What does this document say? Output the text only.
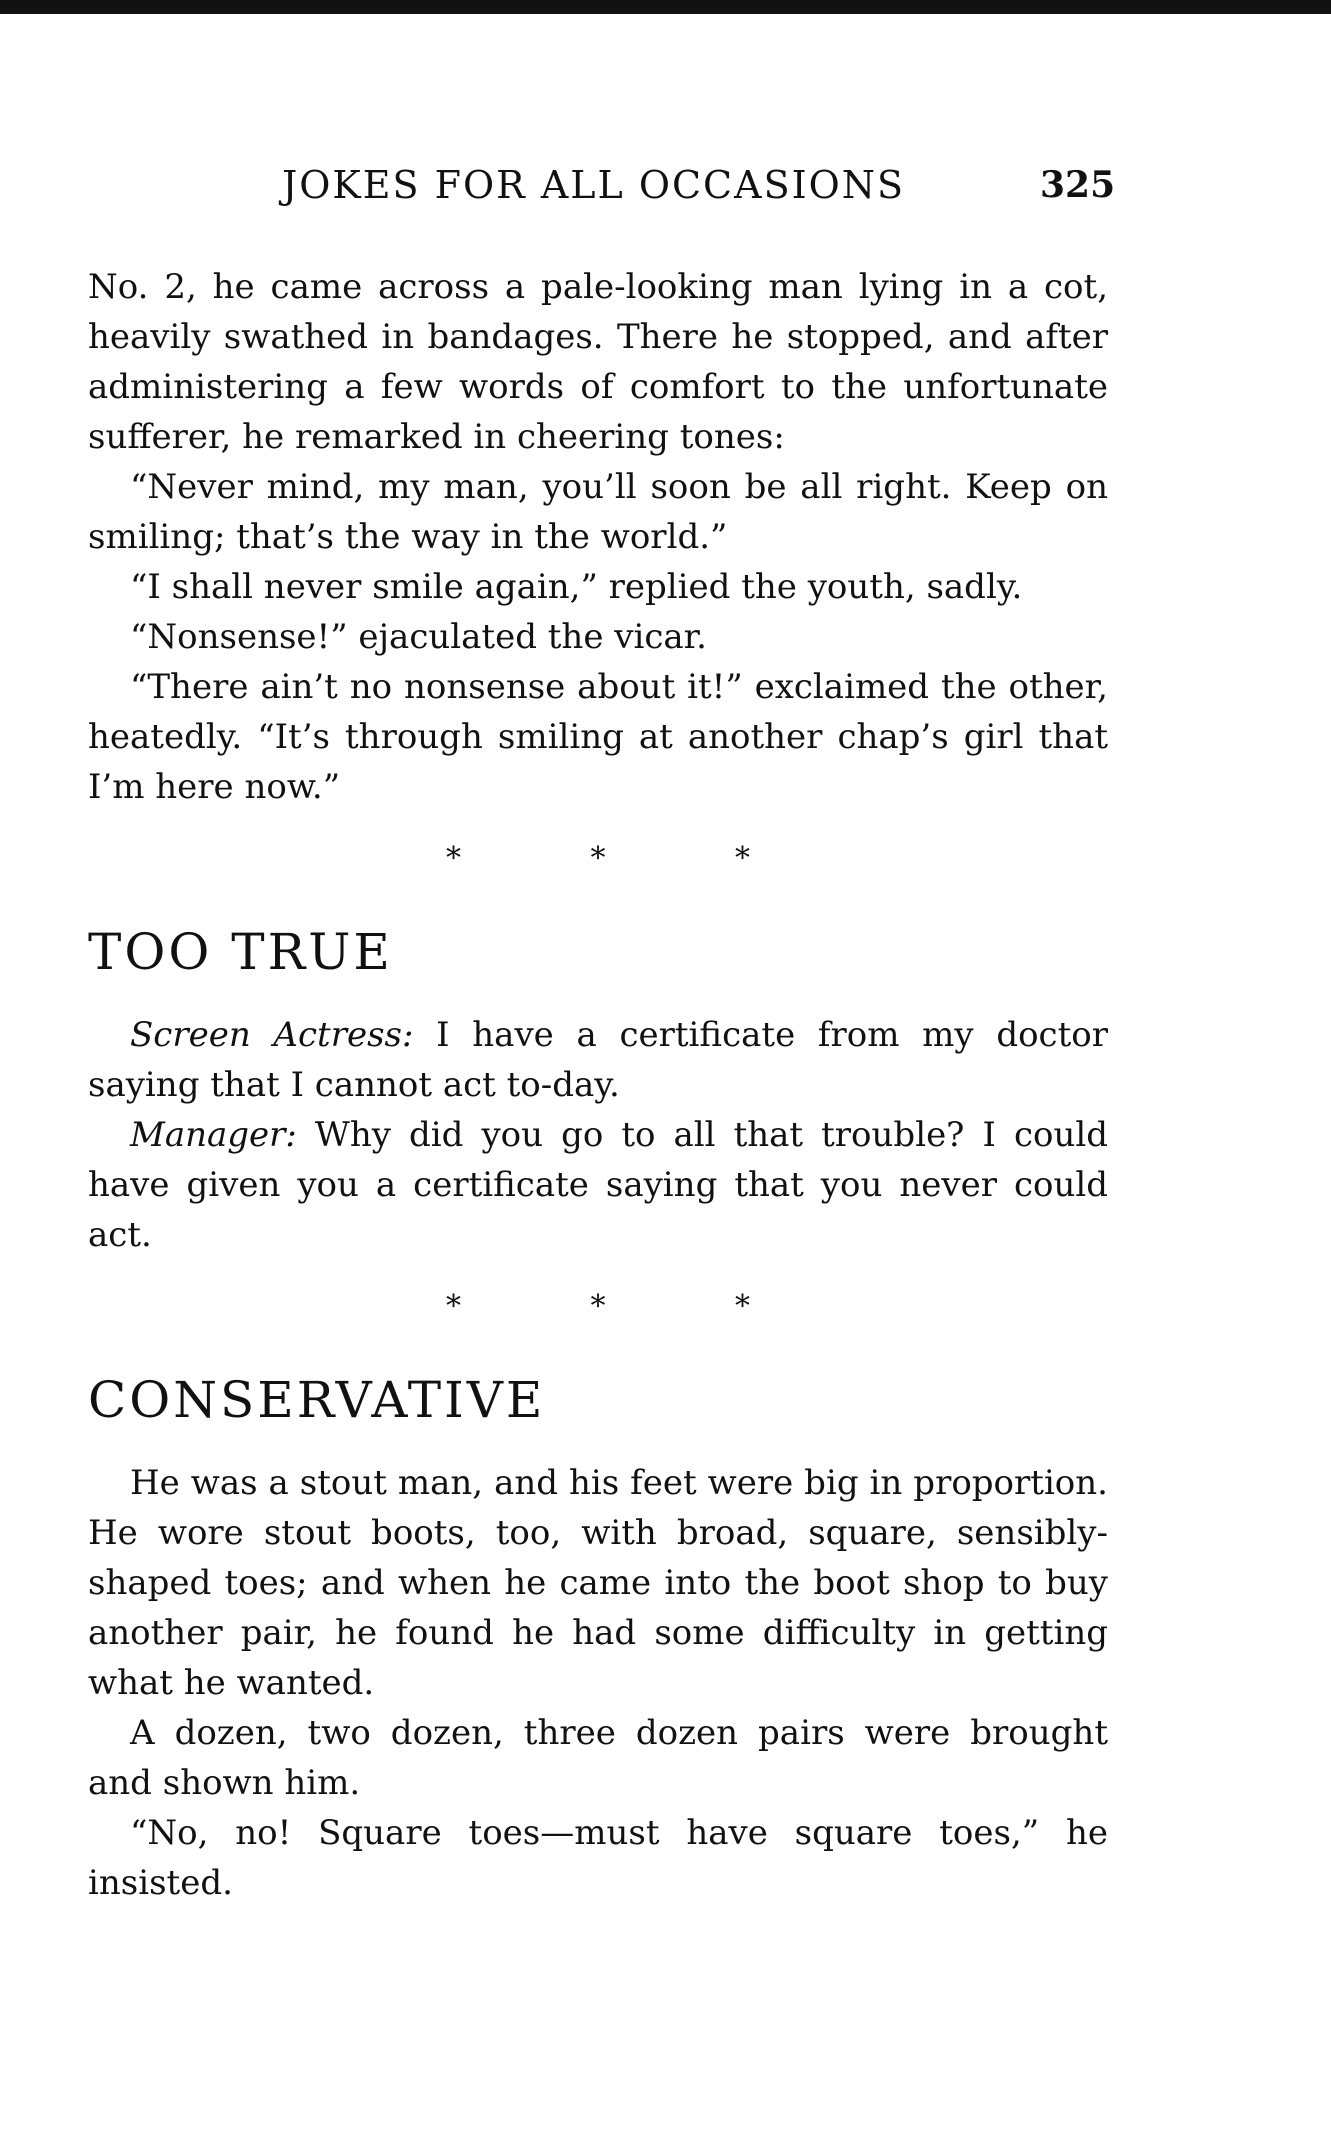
JOKES FOR ALL OCCASIONS	325

No. 2, he came across a pale-looking man lying in a cot, heavily swathed in bandages. There he stopped, and after administering a few words of comfort to the unfortunate sufferer, he remarked in cheering tones:

“Never mind, my man, you’ll soon be all right. Keep on smiling; that’s the way in the world.”

“I shall never smile again,” replied the youth, sadly.

“Nonsense!” ejaculated the vicar.

“There ain’t no nonsense about it!” exclaimed the other, heatedly. “It’s through smiling at another chap’s girl that I’m here now.”

* * *
TOO TRUE

Screen Actress: I have a certificate from my doctor saying that I cannot act to-day.

Manager: Why did you go to all that trouble? I could have given you a certificate saying that you never could act.

* * *
CONSERVATIVE

He was a stout man, and his feet were big in proportion. He wore stout boots, too, with broad, square, sensibly-shaped toes; and when he came into the boot shop to buy another pair, he found he had some difficulty in getting what he wanted.

A dozen, two dozen, three dozen pairs were brought and shown him.

“No, no! Square toes—must have square toes,” he insisted.
